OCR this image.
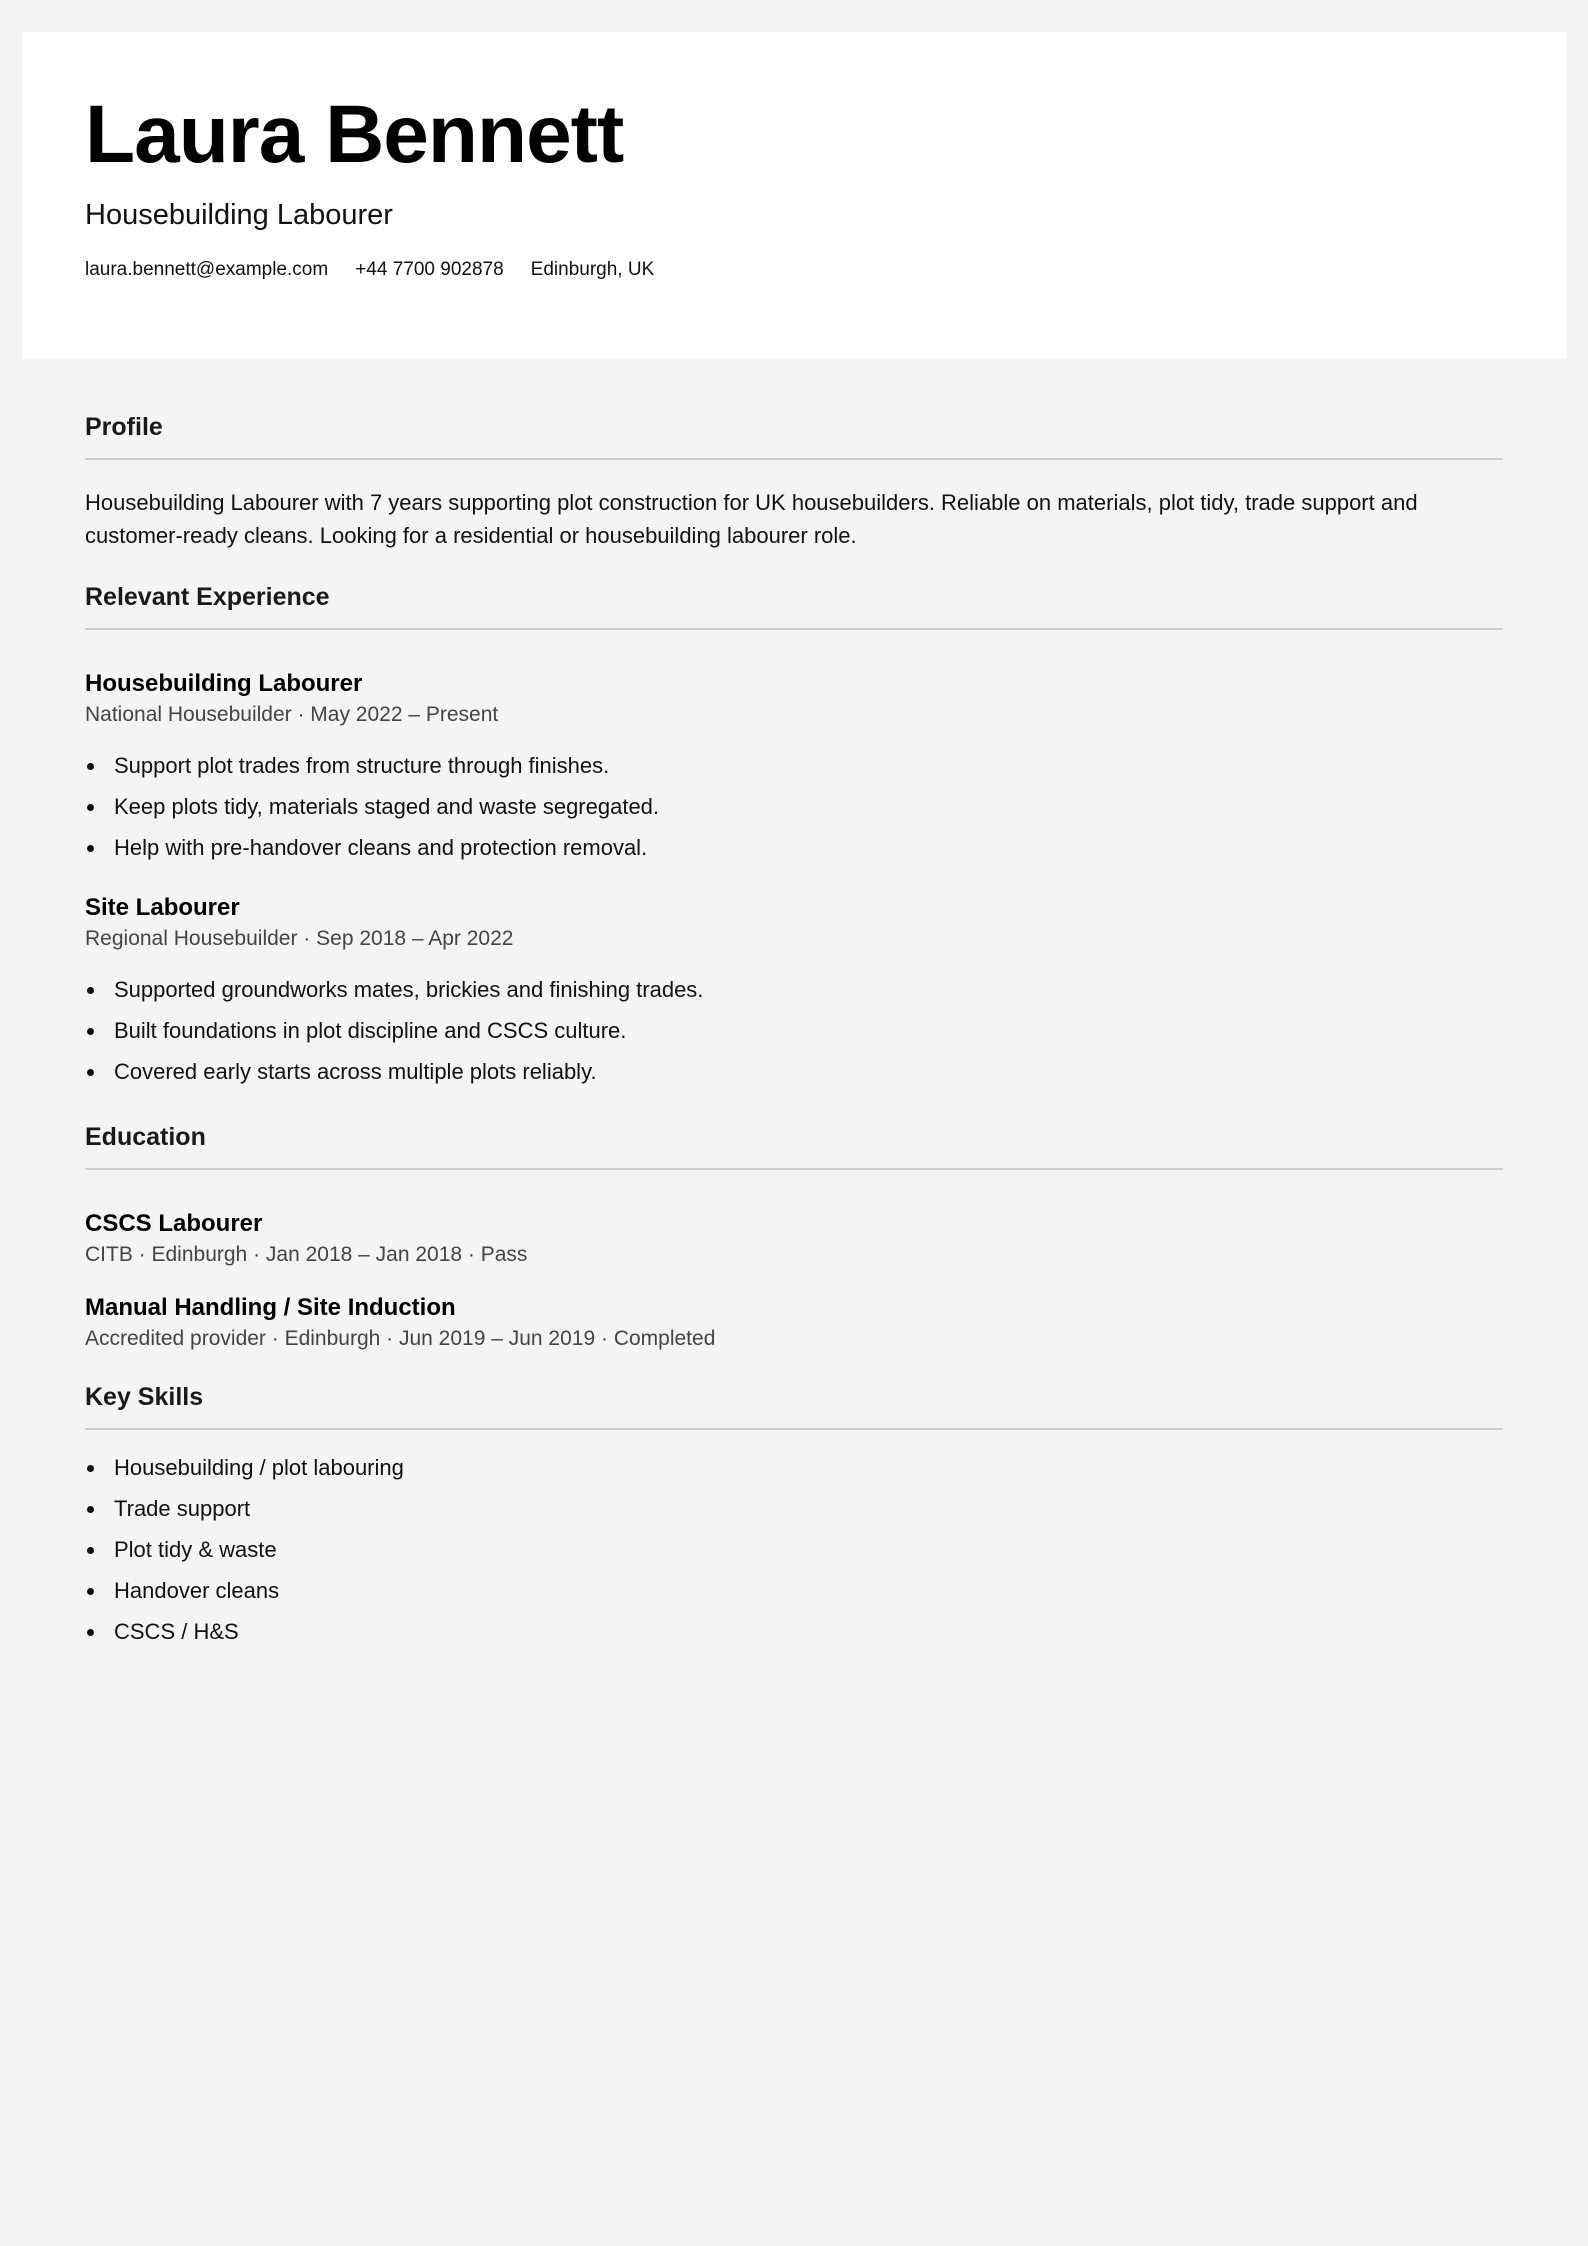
Laura Bennett
Housebuilding Labourer
laura.bennett@example.com +44 7700 902878 Edinburgh, UK
Profile

Housebuilding Labourer with 7 years supporting plot construction for UK housebuilders. Reliable on materials, plot tidy, trade support and customer-ready cleans. Looking for a residential or housebuilding labourer role.

Relevant Experience
Housebuilding Labourer
National Housebuilder · May 2022 – Present
Support plot trades from structure through finishes.
Keep plots tidy, materials staged and waste segregated.
Help with pre-handover cleans and protection removal.
Site Labourer
Regional Housebuilder · Sep 2018 – Apr 2022
Supported groundworks mates, brickies and finishing trades.
Built foundations in plot discipline and CSCS culture.
Covered early starts across multiple plots reliably.
Education
CSCS Labourer
CITB · Edinburgh · Jan 2018 – Jan 2018 · Pass
Manual Handling / Site Induction
Accredited provider · Edinburgh · Jun 2019 – Jun 2019 · Completed
Key Skills
Housebuilding / plot labouring
Trade support
Plot tidy & waste
Handover cleans
CSCS / H&S
